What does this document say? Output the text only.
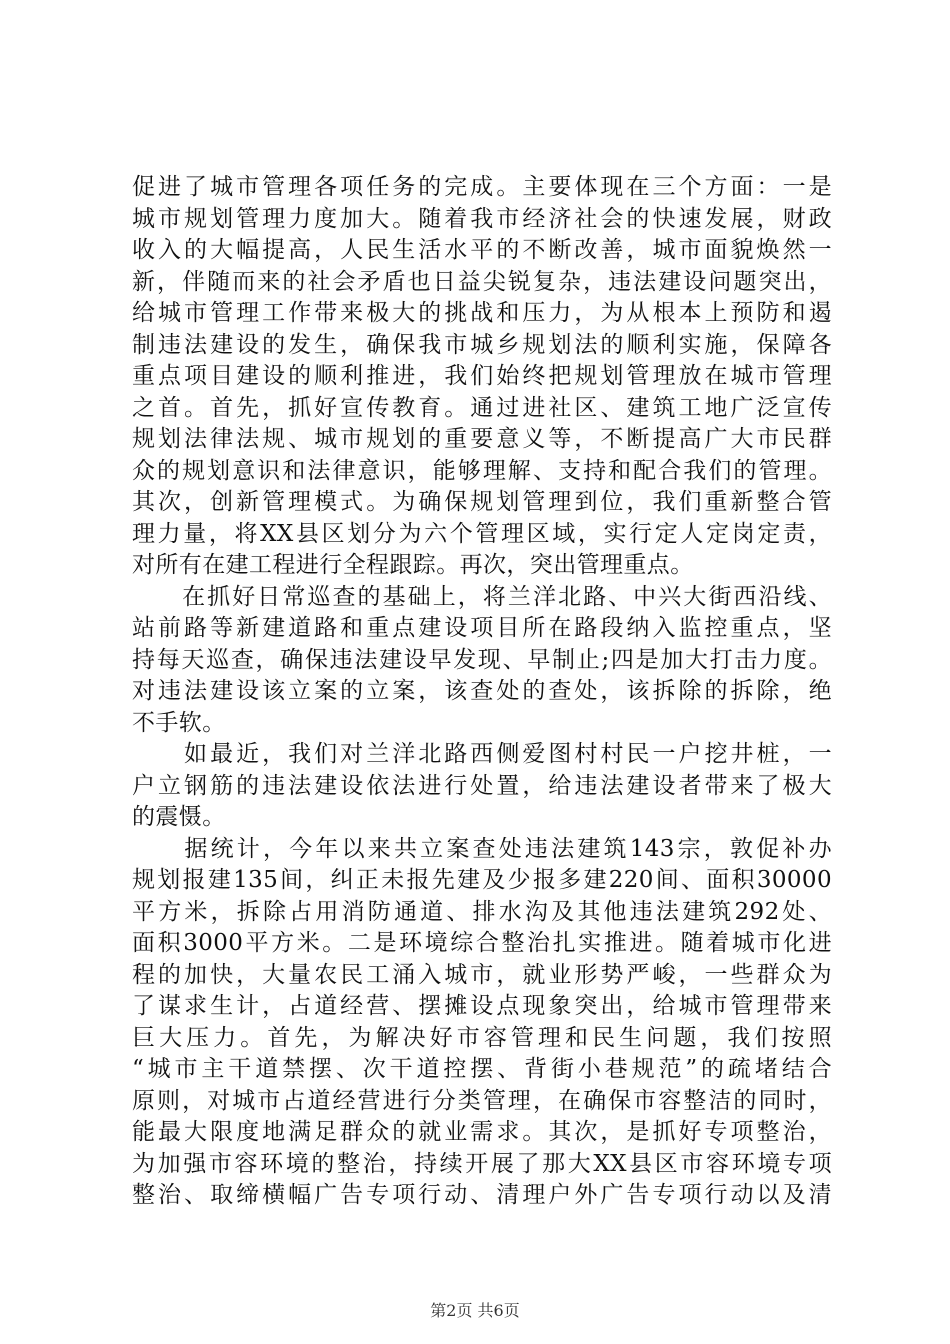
促进了城市管理各项任务的完成。主要体现在三个方面：一是
城市规划管理力度加大。随着我市经济社会的快速发展，财政
收入的大幅提高，人民生活水平的不断改善，城市面貌焕然一
新，伴随而来的社会矛盾也日益尖锐复杂，违法建设问题突出，
给城市管理工作带来极大的挑战和压力，为从根本上预防和遏
制违法建设的发生，确保我市城乡规划法的顺利实施，保障各
重点项目建设的顺利推进，我们始终把规划管理放在城市管理
之首。首先，抓好宣传教育。通过进社区、建筑工地广泛宣传
规划法律法规、城市规划的重要意义等，不断提高广大市民群
众的规划意识和法律意识，能够理解、支持和配合我们的管理。
其次，创新管理模式。为确保规划管理到位，我们重新整合管
理力量，将XX县区划分为六个管理区域，实行定人定岗定责，
对所有在建工程进行全程跟踪。再次，突出管理重点。
　　在抓好日常巡查的基础上，将兰洋北路、中兴大街西沿线、
站前路等新建道路和重点建设项目所在路段纳入监控重点，坚
持每天巡查，确保违法建设早发现、早制止;四是加大打击力度。
对违法建设该立案的立案，该查处的查处，该拆除的拆除，绝
不手软。
　　如最近，我们对兰洋北路西侧爱图村村民一户挖井桩，一
户立钢筋的违法建设依法进行处置，给违法建设者带来了极大
的震慑。
　　据统计，今年以来共立案查处违法建筑143宗，敦促补办
规划报建135间，纠正未报先建及少报多建220间、面积30000
平方米，拆除占用消防通道、排水沟及其他违法建筑292处、
面积3000平方米。二是环境综合整治扎实推进。随着城市化进
程的加快，大量农民工涌入城市，就业形势严峻，一些群众为
了谋求生计，占道经营、摆摊设点现象突出，给城市管理带来
巨大压力。首先，为解决好市容管理和民生问题，我们按照
“城市主干道禁摆、次干道控摆、背街小巷规范”的疏堵结合
原则，对城市占道经营进行分类管理，在确保市容整洁的同时，
能最大限度地满足群众的就业需求。其次，是抓好专项整治，
为加强市容环境的整治，持续开展了那大XX县区市容环境专项
整治、取缔横幅广告专项行动、清理户外广告专项行动以及清
第2页 共6页
